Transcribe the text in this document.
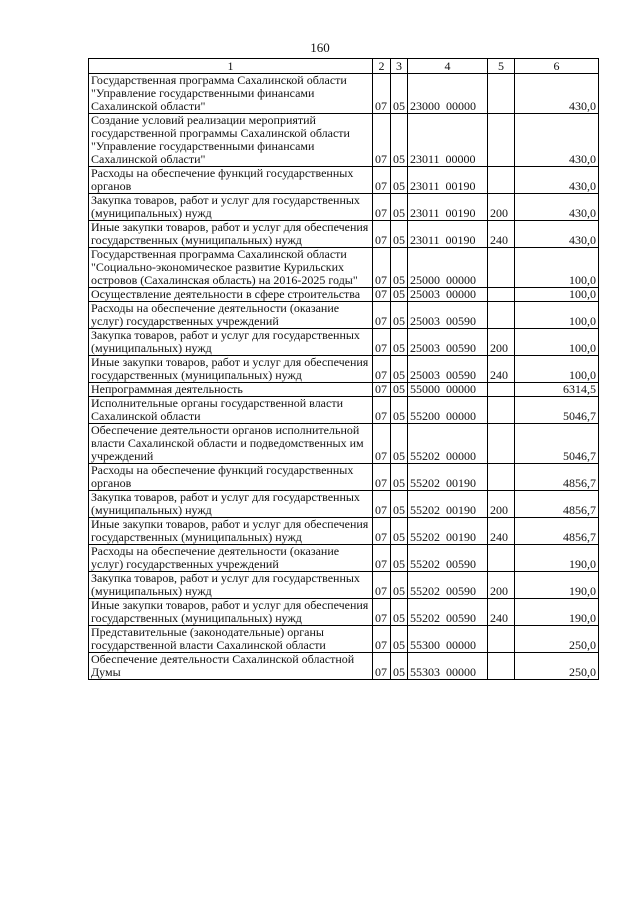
160
1	2	3	4	5	6
Государственная программа Сахалинской области "Управление государственными финансами Сахалинской области"	07	05	23000  00000		430,0
Создание условий реализации мероприятий государственной программы Сахалинской области "Управление государственными финансами Сахалинской области"	07	05	23011  00000		430,0
Расходы на обеспечение функций государственных органов	07	05	23011  00190		430,0
Закупка товаров, работ и услуг для государственных (муниципальных) нужд	07	05	23011  00190	200	430,0
Иные закупки товаров, работ и услуг для обеспечения государственных (муниципальных) нужд	07	05	23011  00190	240	430,0
Государственная программа Сахалинской области "Социально-экономическое развитие Курильских островов (Сахалинская область) на 2016-2025 годы"	07	05	25000  00000		100,0
Осуществление деятельности в сфере строительства	07	05	25003  00000		100,0
Расходы на обеспечение деятельности (оказание услуг) государственных учреждений	07	05	25003  00590		100,0
Закупка товаров, работ и услуг для государственных (муниципальных) нужд	07	05	25003  00590	200	100,0
Иные закупки товаров, работ и услуг для обеспечения государственных (муниципальных) нужд	07	05	25003  00590	240	100,0
Непрограммная деятельность	07	05	55000  00000		6314,5
Исполнительные органы государственной власти Сахалинской области	07	05	55200  00000		5046,7
Обеспечение деятельности органов исполнительной власти Сахалинской области и подведомственных им учреждений	07	05	55202  00000		5046,7
Расходы на обеспечение функций государственных органов	07	05	55202  00190		4856,7
Закупка товаров, работ и услуг для государственных (муниципальных) нужд	07	05	55202  00190	200	4856,7
Иные закупки товаров, работ и услуг для обеспечения государственных (муниципальных) нужд	07	05	55202  00190	240	4856,7
Расходы на обеспечение деятельности (оказание услуг) государственных учреждений	07	05	55202  00590		190,0
Закупка товаров, работ и услуг для государственных (муниципальных) нужд	07	05	55202  00590	200	190,0
Иные закупки товаров, работ и услуг для обеспечения государственных (муниципальных) нужд	07	05	55202  00590	240	190,0
Представительные (законодательные) органы государственной власти Сахалинской области	07	05	55300  00000		250,0
Обеспечение деятельности Сахалинской областной Думы	07	05	55303  00000		250,0
